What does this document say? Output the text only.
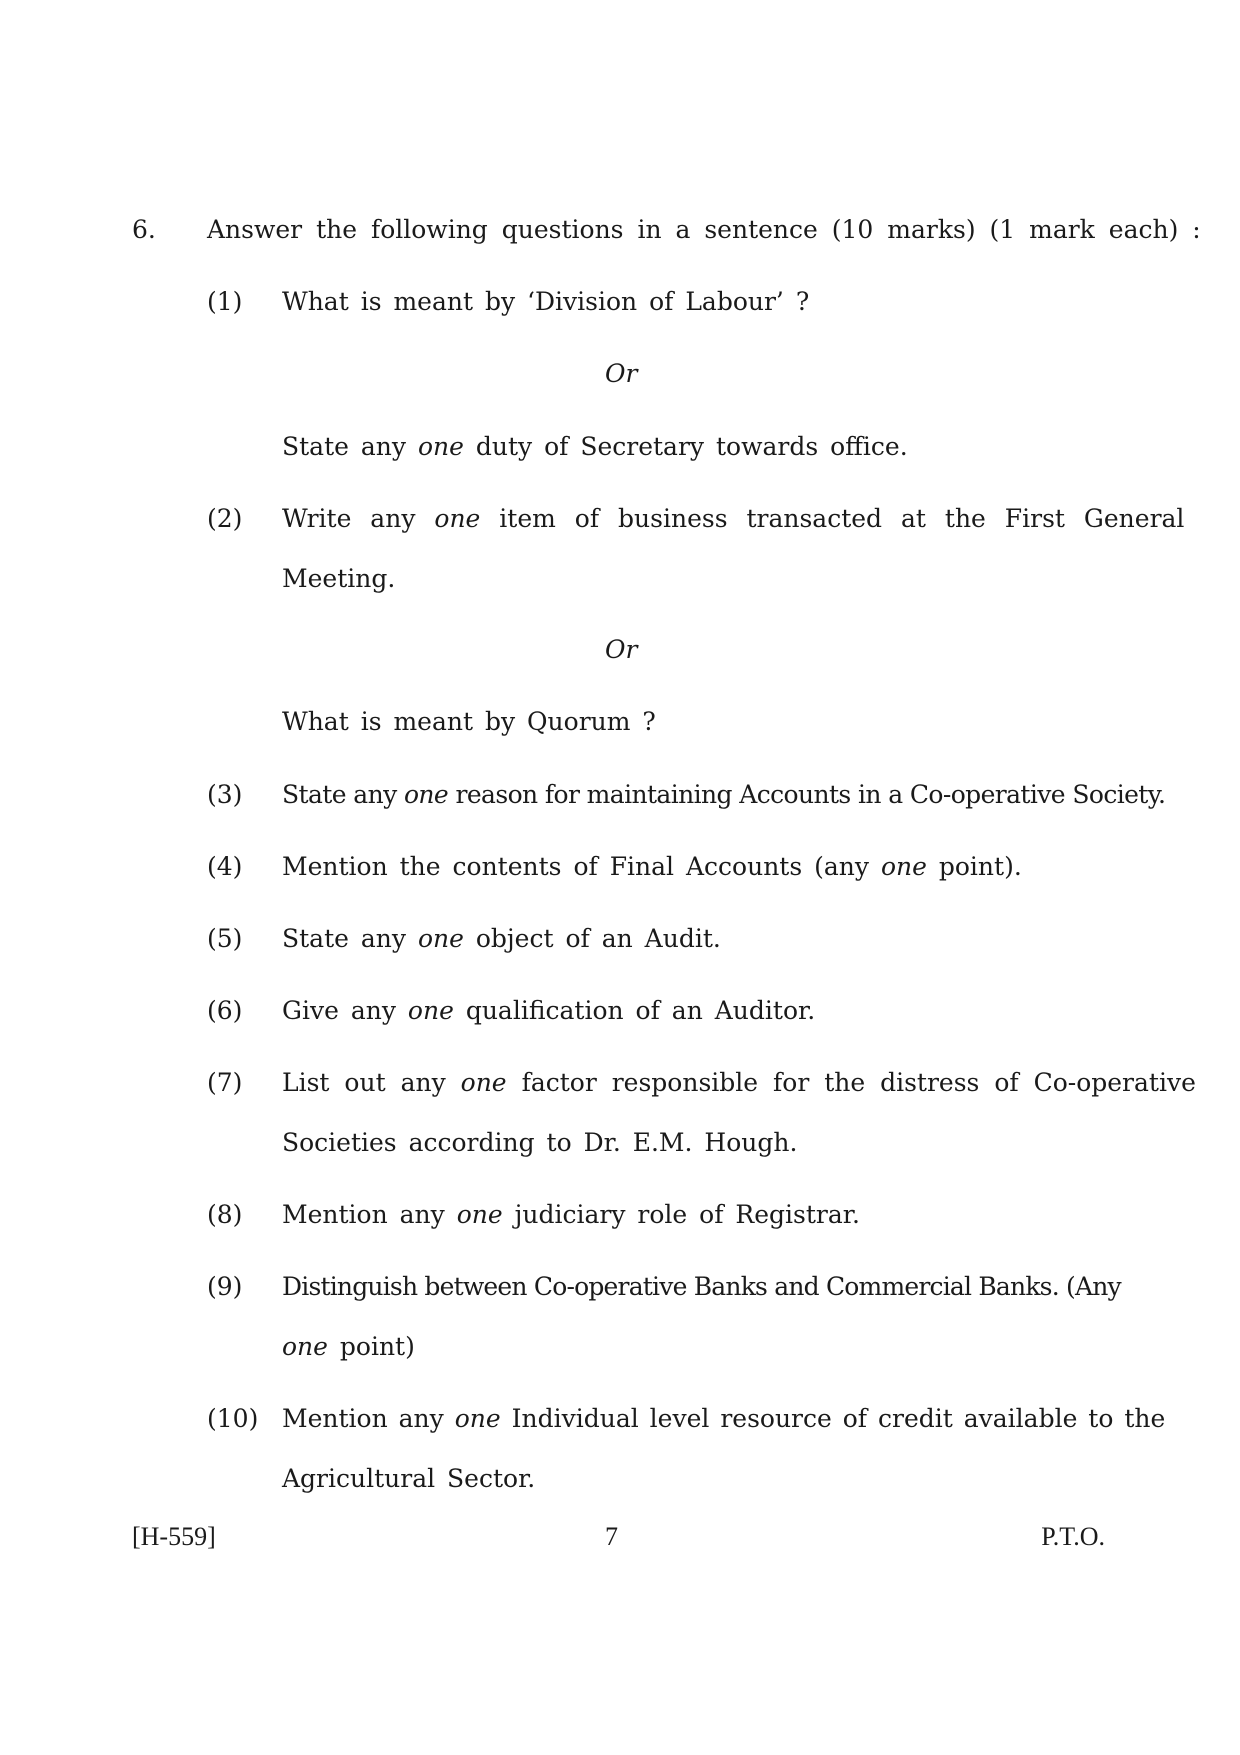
6. Answer the following questions in a sentence (10 marks) (1 mark each) :
(1) What is meant by ‘Division of Labour’ ?
Or
State any one duty of Secretary towards office.
(2) Write any one item of business transacted at the First General
Meeting.
Or
What is meant by Quorum ?
(3) State any one reason for maintaining Accounts in a Co-operative Society.
(4) Mention the contents of Final Accounts (any one point).
(5) State any one object of an Audit.
(6) Give any one qualification of an Auditor.
(7) List out any one factor responsible for the distress of Co-operative
Societies according to Dr. E.M. Hough.
(8) Mention any one judiciary role of Registrar.
(9) Distinguish between Co-operative Banks and Commercial Banks. (Any
one point)
(10) Mention any one Individual level resource of credit available to the
Agricultural Sector.
[H-559]	7	P.T.O.
